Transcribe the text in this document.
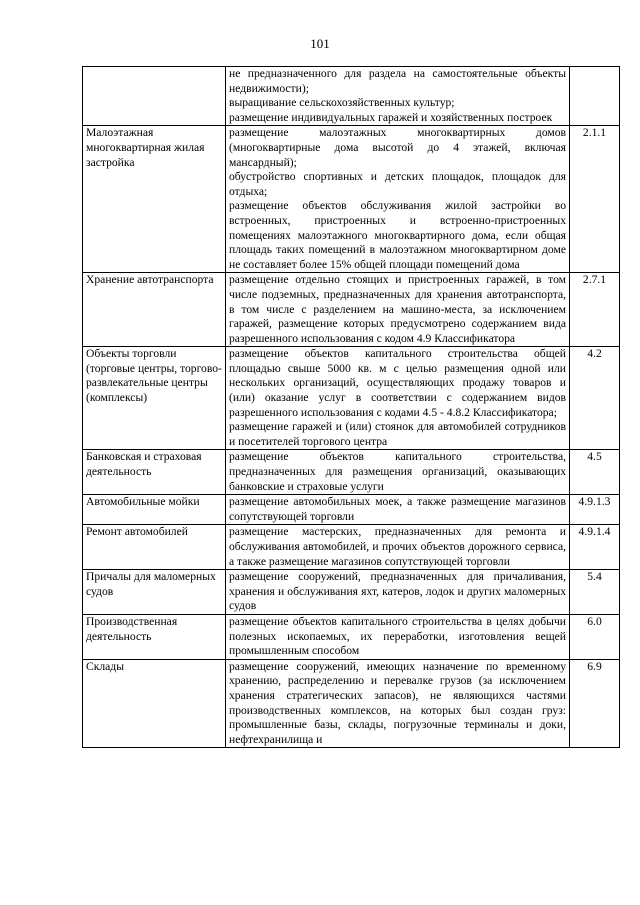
101

	не предназначенного для раздела на самостоятельные объекты недвижимости);
выращивание сельскохозяйственных культур;
размещение индивидуальных гаражей и хозяйственных построек	

Малоэтажная многоквартирная жилая застройка	размещение малоэтажных многоквартирных домов (многоквартирные дома высотой до 4 этажей, включая мансардный);
обустройство спортивных и детских площадок, площадок для отдыха;
размещение объектов обслуживания жилой застройки во встроенных, пристроенных и встроенно-пристроенных помещениях малоэтажного многоквартирного дома, если общая площадь таких помещений в малоэтажном многоквартирном доме не составляет более 15% общей площади помещений дома	2.1.1
Хранение автотранспорта	размещение отдельно стоящих и пристроенных гаражей, в том числе подземных, предназначенных для хранения автотранспорта, в том числе с разделением на машино-места, за исключением гаражей, размещение которых предусмотрено содержанием вида разрешенного использования с кодом 4.9 Классификатора	2.7.1
Объекты торговли (торговые центры, торгово-развлекательные центры (комплексы)	размещение объектов капитального строительства общей площадью свыше 5000 кв. м с целью размещения одной или нескольких организаций, осуществляющих продажу товаров и (или) оказание услуг в соответствии с содержанием видов разрешенного использования с кодами 4.5 - 4.8.2 Классификатора;
размещение гаражей и (или) стоянок для автомобилей сотрудников и посетителей торгового центра	4.2
Банковская и страховая деятельность	размещение объектов капитального строительства, предназначенных для размещения организаций, оказывающих банковские и страховые услуги	4.5
Автомобильные мойки	размещение автомобильных моек, а также размещение магазинов сопутствующей торговли	4.9.1.3
Ремонт автомобилей	размещение мастерских, предназначенных для ремонта и обслуживания автомобилей, и прочих объектов дорожного сервиса, а также размещение магазинов сопутствующей торговли	4.9.1.4
Причалы для маломерных судов	размещение сооружений, предназначенных для причаливания, хранения и обслуживания яхт, катеров, лодок и других маломерных судов	5.4
Производственная деятельность	размещение объектов капитального строительства в целях добычи полезных ископаемых, их переработки, изготовления вещей промышленным способом	6.0
Склады	размещение сооружений, имеющих назначение по временному хранению, распределению и перевалке грузов (за исключением хранения стратегических запасов), не являющихся частями производственных комплексов, на которых был создан груз: промышленные базы, склады, погрузочные терминалы и доки, нефтехранилища и	6.9
